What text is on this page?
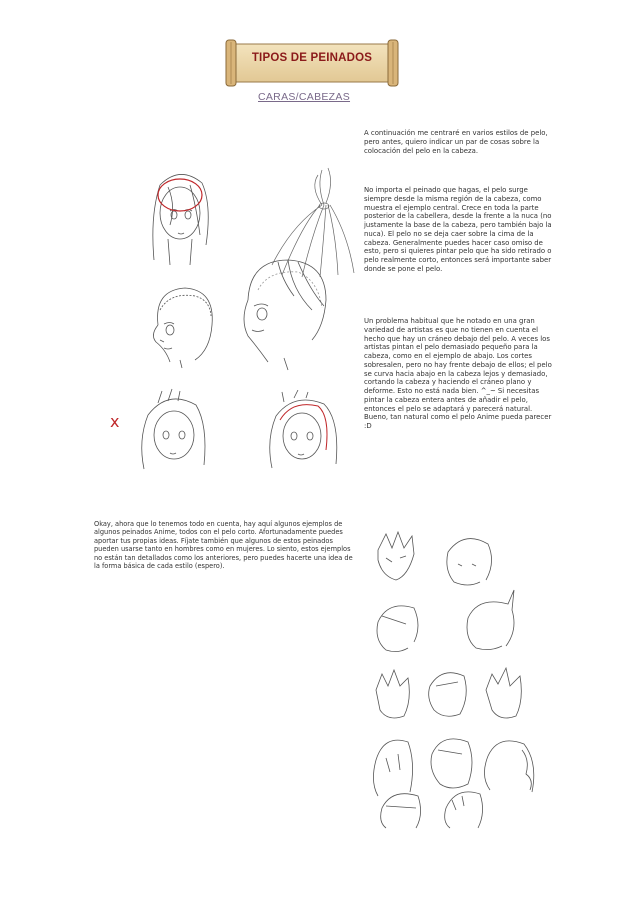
TIPOS DE PEINADOS
CARAS/CABEZAS

A continuación me centraré en varios estilos de pelo, pero antes, quiero indicar un par de cosas sobre la colocación del pelo en la cabeza.

No importa el peinado que hagas, el pelo surge siempre desde la misma región de la cabeza, como muestra el ejemplo central. Crece en toda la parte posterior de la cabellera, desde la frente a la nuca (no justamente la base de la cabeza, pero también bajo la nuca). El pelo no se deja caer sobre la cima de la cabeza. Generalmente puedes hacer caso omiso de esto, pero si quieres pintar pelo que ha sido retirado o pelo realmente corto, entonces será importante saber donde se pone el pelo.

Un problema habitual que he notado en una gran variedad de artistas es que no tienen en cuenta el hecho que hay un cráneo debajo del pelo. A veces los artistas pintan el pelo demasiado pequeño para la cabeza, como en el ejemplo de abajo. Los cortes sobresalen, pero no hay frente debajo de ellos; el pelo se curva hacia abajo en la cabeza lejos y demasiado, cortando la cabeza y haciendo el cráneo plano y deforme. Esto no está nada bien. ^_~ Si necesitas pintar la cabeza entera antes de añadir el pelo, entonces el pelo se adaptará y parecerá natural. Bueno, tan natural como el pelo Anime pueda parecer :D

Okay, ahora que lo tenemos todo en cuenta, hay aquí algunos ejemplos de algunos peinados Anime, todos con el pelo corto. Afortunadamente puedes aportar tus propias ideas. Fíjate también que algunos de estos peinados pueden usarse tanto en hombres como en mujeres. Lo siento, estos ejemplos no están tan detallados como los anteriores, pero puedes hacerte una idea de la forma básica de cada estilo (espero).

x
